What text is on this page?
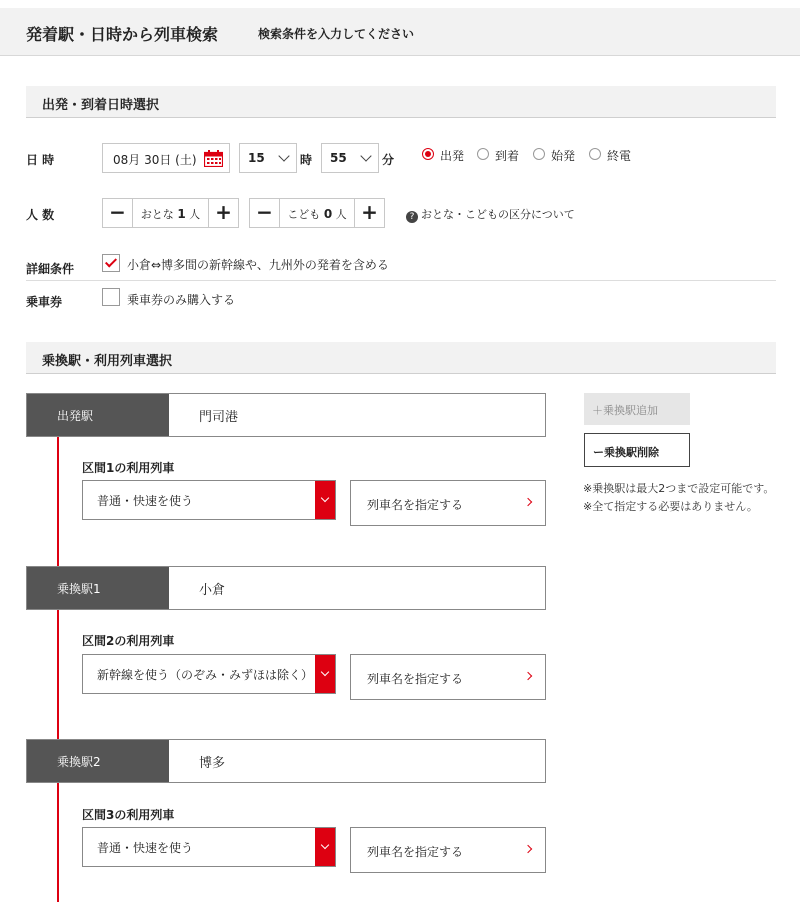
発着駅・日時から列車検索	検索条件を入力してください
出発・到着日時選択
日 時	08月 30日 (土)	15	時 55	分	出発	到着	始発	終電
人 数	−	おとな 1 人 +	−	こども 0 人 +	? おとな・こどもの区分について
詳細条件	小倉⇔博多間の新幹線や、九州外の発着を含める
乗車券	乗車券のみ購入する
乗換駅・利用列車選択
出発駅	門司港
区間1の利用列車
普通・快速を使う	列車名を指定する
乗換駅1	小倉
区間2の利用列車
新幹線を使う（のぞみ・みずほは除く）	列車名を指定する
乗換駅2	博多
区間3の利用列車
普通・快速を使う	列車名を指定する
＋乗換駅追加
ー乗換駅削除
※乗換駅は最大2つまで設定可能です。
※全て指定する必要はありません。
